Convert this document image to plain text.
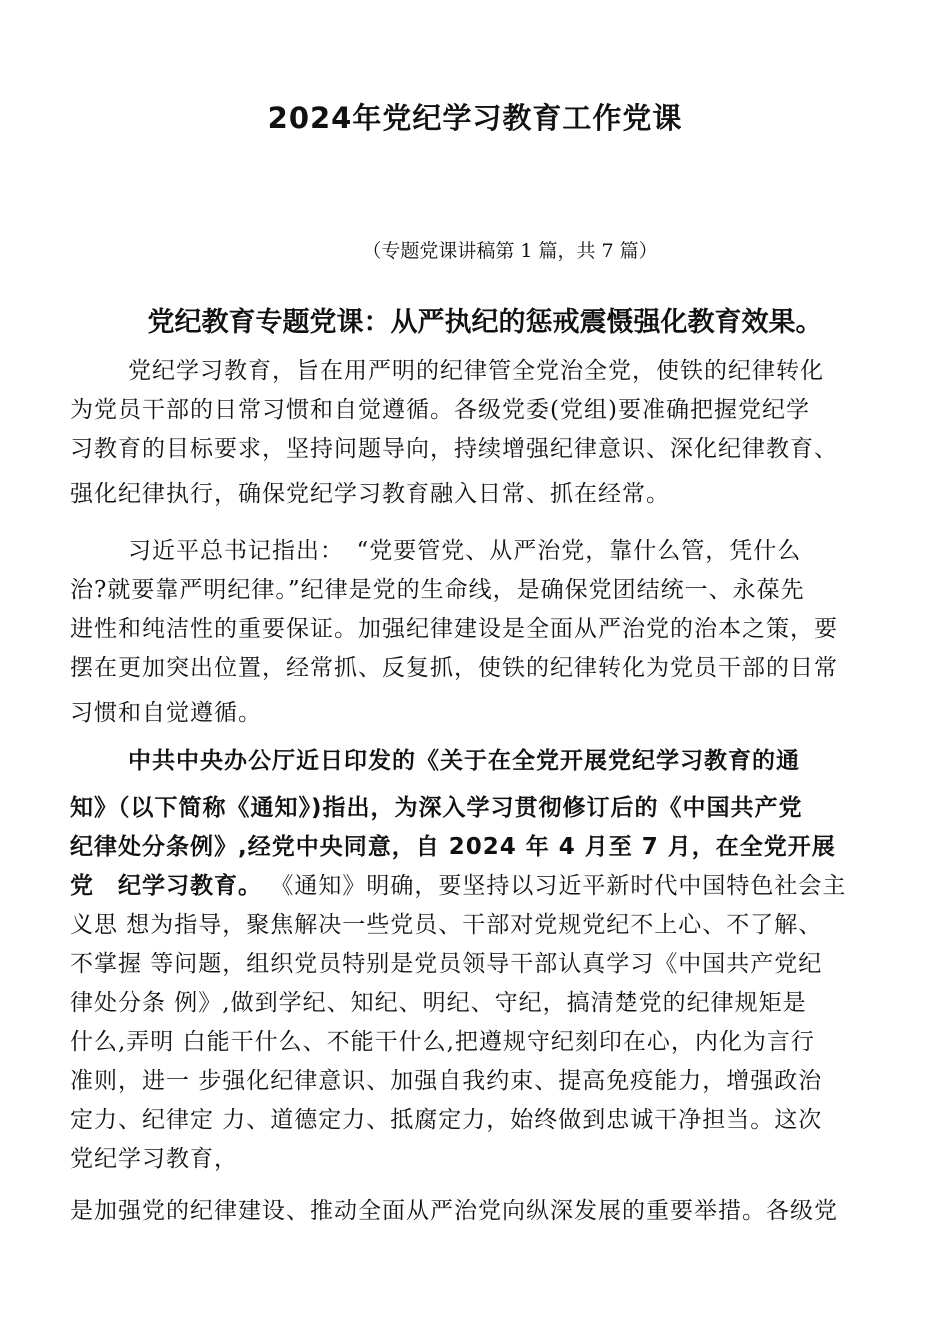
2024年党纪学习教育工作党课
（专题党课讲稿第 1 篇，共 7 篇）
党纪教育专题党课：从严执纪的惩戒震慑强化教育效果。
党纪学习教育，旨在用严明的纪律管全党治全党，使铁的纪律转化
为党员干部的日常习惯和自觉遵循。各级党委(党组)要准确把握党纪学
习教育的目标要求，坚持问题导向，持续增强纪律意识、深化纪律教育、
强化纪律执行，确保党纪学习教育融入日常、抓在经常。
习近平总书记指出：　“党要管党、从严治党，靠什么管，凭什么
治?就要靠严明纪律。”纪律是党的生命线，是确保党团结统一、永葆先
进性和纯洁性的重要保证。加强纪律建设是全面从严治党的治本之策，要
摆在更加突出位置，经常抓、反复抓，使铁的纪律转化为党员干部的日常
习惯和自觉遵循。
中共中央办公厅近日印发的《关于在全党开展党纪学习教育的通
知》（以下简称《通知》)指出，为深入学习贯彻修订后的《中国共产党
纪律处分条例》,经党中央同意，自 2024 年 4 月至 7 月，在全党开展
党　纪学习教育。 《通知》明确，要坚持以习近平新时代中国特色社会主
义思 想为指导，聚焦解决一些党员、干部对党规党纪不上心、不了解、
不掌握 等问题，组织党员特别是党员领导干部认真学习《中国共产党纪
律处分条 例》,做到学纪、知纪、明纪、守纪，搞清楚党的纪律规矩是
什么,弄明 白能干什么、不能干什么,把遵规守纪刻印在心，内化为言行
准则，进一 步强化纪律意识、加强自我约束、提高免疫能力，增强政治
定力、纪律定 力、道德定力、抵腐定力，始终做到忠诚干净担当。这次
党纪学习教育，
是加强党的纪律建设、推动全面从严治党向纵深发展的重要举措。各级党
